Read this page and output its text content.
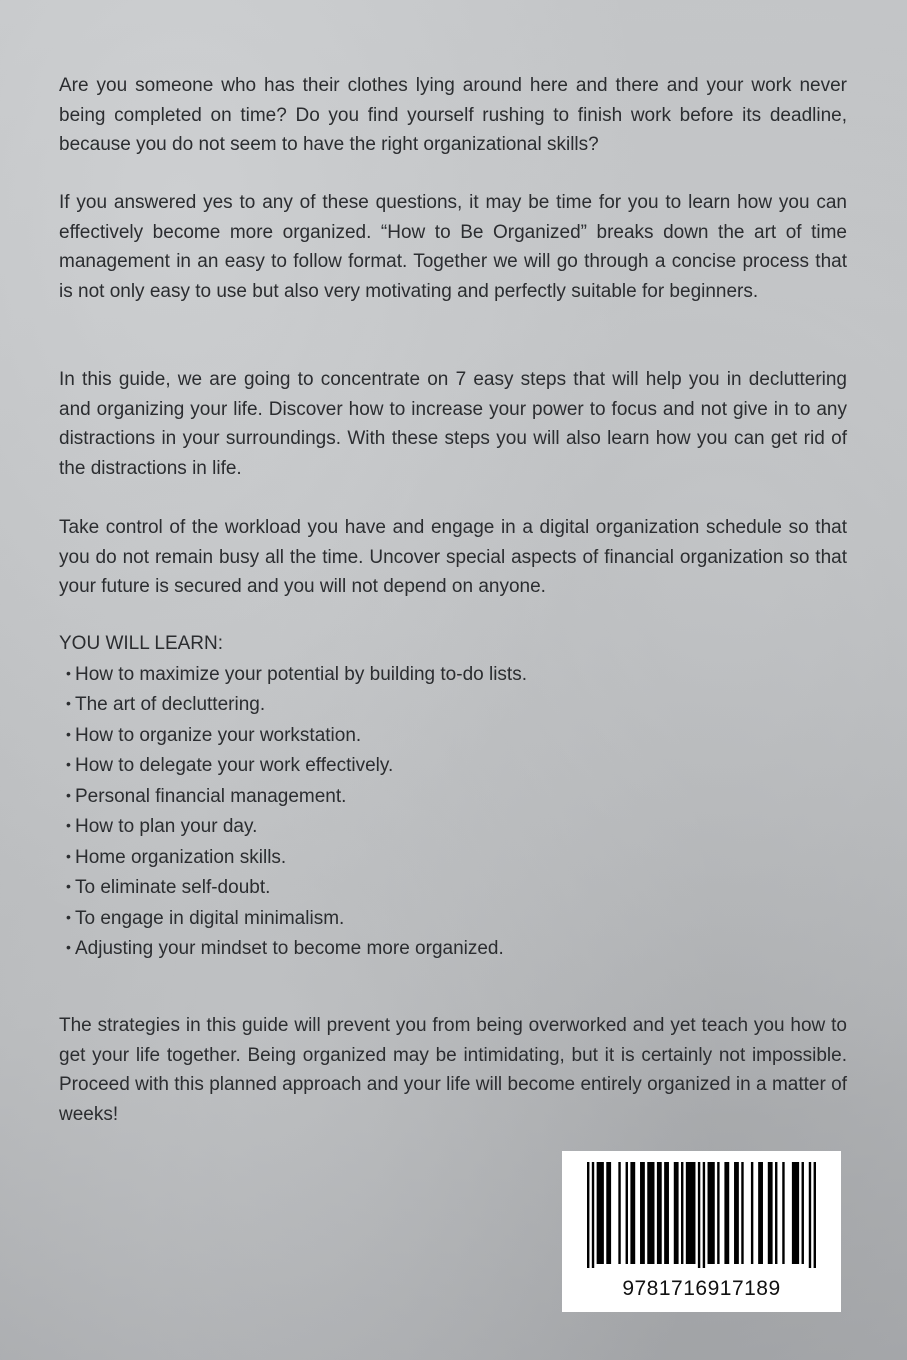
Are you someone who has their clothes lying around here and there and your work never being completed on time? Do you find yourself rushing to finish work before its deadline, because you do not seem to have the right organizational skills?

If you answered yes to any of these questions, it may be time for you to learn how you can effectively become more organized. “How to Be Organized” breaks down the art of time management in an easy to follow format. Together we will go through a concise process that is not only easy to use but also very motivating and perfectly suitable for beginners.

In this guide, we are going to concentrate on 7 easy steps that will help you in decluttering and organizing your life. Discover how to increase your power to focus and not give in to any distractions in your surroundings. With these steps you will also learn how you can get rid of the distractions in life.

Take control of the workload you have and engage in a digital organization schedule so that you do not remain busy all the time. Uncover special aspects of financial organization so that your future is secured and you will not depend on anyone.

YOU WILL LEARN:

• How to maximize your potential by building to-do lists.
• The art of decluttering.
• How to organize your workstation.
• How to delegate your work effectively.
• Personal financial management.
• How to plan your day.
• Home organization skills.
• To eliminate self-doubt.
• To engage in digital minimalism.
• Adjusting your mindset to become more organized.

The strategies in this guide will prevent you from being overworked and yet teach you how to get your life together. Being organized may be intimidating, but it is certainly not impossible. Proceed with this planned approach and your life will become entirely organized in a matter of weeks!

9781716917189
